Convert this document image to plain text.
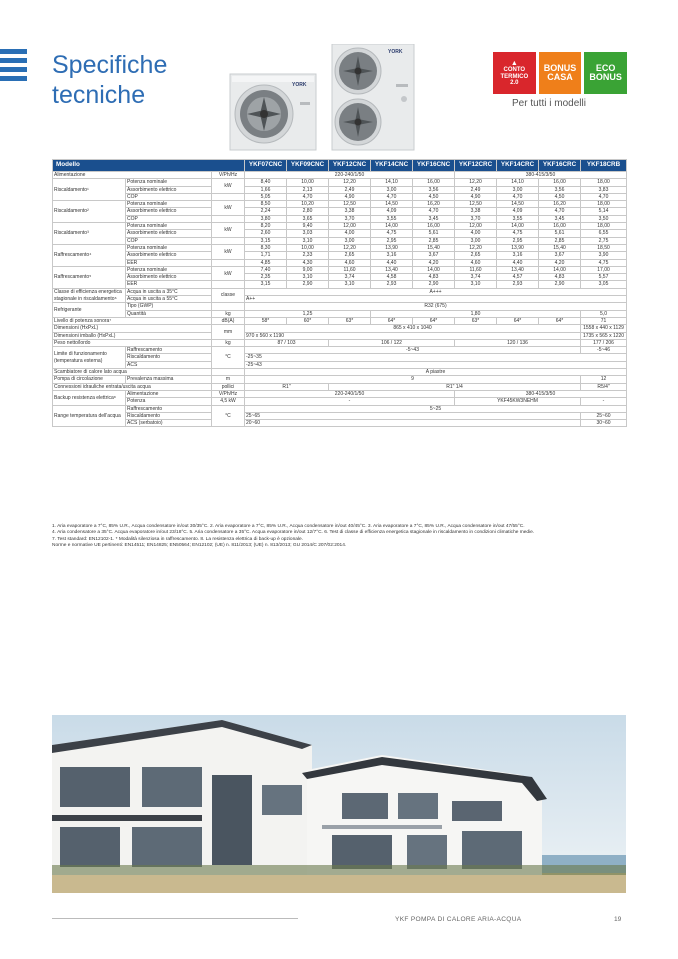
Specifiche
tecniche	YORK
YORK
▲
CONTO
TERMICO
2.0
BONUS
CASA
ECO
BONUS
Per tutti i modelli
Modello			YKF07CNC	YKF09CNC	YKF12CNC	YKF14CNC	YKF16CNC	YKF12CRC	YKF14CRC	YKF16CRC	YKF18CRB
Alimentazione		V/Ph/Hz	220-240/1/50					380-415/3/50			
Riscaldamento¹	Potenza nominale	kW	8,40	10,00	12,20	14,10	16,00	12,20	14,10	16,00	18,00
	Assorbimento elettrico		1,66	2,13	2,49	3,00	3,56	2,49	3,00	3,56	3,83
	COP		5,05	4,70	4,90	4,70	4,50	4,90	4,70	4,50	4,70
Riscaldamento²	Potenza nominale	kW	8,50	10,20	12,50	14,50	16,20	12,50	14,50	16,20	18,00
	Assorbimento elettrico		2,24	2,80	3,38	4,09	4,70	3,38	4,09	4,70	5,14
	COP		3,80	3,65	3,70	3,55	3,45	3,70	3,55	3,45	3,50
Riscaldamento³	Potenza nominale	kW	8,20	9,40	12,00	14,00	16,00	12,00	14,00	16,00	18,00
	Assorbimento elettrico		2,60	3,03	4,00	4,75	5,61	4,00	4,75	5,61	6,55
	COP		3,15	3,10	3,00	2,95	2,85	3,00	2,95	2,85	2,75
Raffrescamento⁴	Potenza nominale	kW	8,30	10,00	12,20	13,90	15,40	12,20	13,90	15,40	18,50
	Assorbimento elettrico		1,71	2,33	2,65	3,16	3,67	2,65	3,16	3,67	3,90
	EER		4,85	4,30	4,60	4,40	4,20	4,60	4,40	4,20	4,75
Raffrescamento⁵	Potenza nominale	kW	7,40	9,00	11,60	13,40	14,00	11,60	13,40	14,00	17,00
	Assorbimento elettrico		2,35	3,10	3,74	4,58	4,83	3,74	4,57	4,83	5,57
	EER		3,15	2,90	3,10	2,93	2,90	3,10	2,93	2,90	3,05
Classe di efficienza energetica stagionale in riscaldamento⁶	Acqua in uscita a 35°C	classe	A+++								
	Acqua in uscita a 55°C		A++								
Refrigerante	Tipo (GWP)		R32 (675)								
	Quantità	kg	1,25			1,80					5,0
Livello di potenza sonora⁷		dB(A)	58*	60*	63*	64*	64*	63*	64*	64*	71
Dimensioni (HxPxL)		mm	865 x 410 x 1040								1558 x 440 x 1129
Dimensioni imballo (HxPxL)			970 x 560 x 1190								1735 x 565 x 1220
Peso netto/lordo		kg	87 / 103		106 / 122			120 / 136			177 / 206
Limite di funzionamento (temperatura esterna)	Raffrescamento	°C	-5~43								-5~46
	Riscaldamento		-25~35								
	ACS		-25~43								
Scambiatore di calore lato acqua			A piastre								
Pompa di circolazione	Prevalenza massima	m	9								12
Connessioni idrauliche entrata/uscita acqua		pollici	R1"		R1" 1/4						R5/4"
Backup resistenza elettrica⁸	Alimentazione	V/Ph/Hz	220-240/1/50					380-415/3/50			
	Potenza	4,5 kW	-					YKF45KW3NEHM			-
Range temperatura dell'acqua	Raffrescamento	°C	5~25								
	Riscaldamento		25~65								25~60
	ACS (serbatoio)		20~60								30~60
1. Aria evaporatore a 7°C, 85% U.R., Acqua condensatore in/out 30/35°C. 2. Aria evaporatore a 7°C, 85% U.R., Acqua condensatore in/out 40/45°C. 3. Aria evaporatore a 7°C, 85% U.R., Acqua condensatore in/out 47/55°C.
4. Aria condensatore a 35°C. Acqua evaporatore in/out 23/18°C. 5. Aria condensatore a 35°C. Acqua evaporatore in/out 12/7°C. 6. Test di classe di efficienza energetica stagionale in riscaldamento in condizioni climatiche medie.
7. Test standard: EN12102-1. * Modalità silenziosa in raffrescamento. 8. La resistenza elettrica di back-up è opzionale.
Norme e normative UE pertinenti: EN14511; EN14825; EN50564; EN12102; (UE) n. 811/2013; (UE) n. 813/2013; GU 2014/C 207/02:2014.
YKF POMPA DI CALORE ARIA-ACQUA	19
